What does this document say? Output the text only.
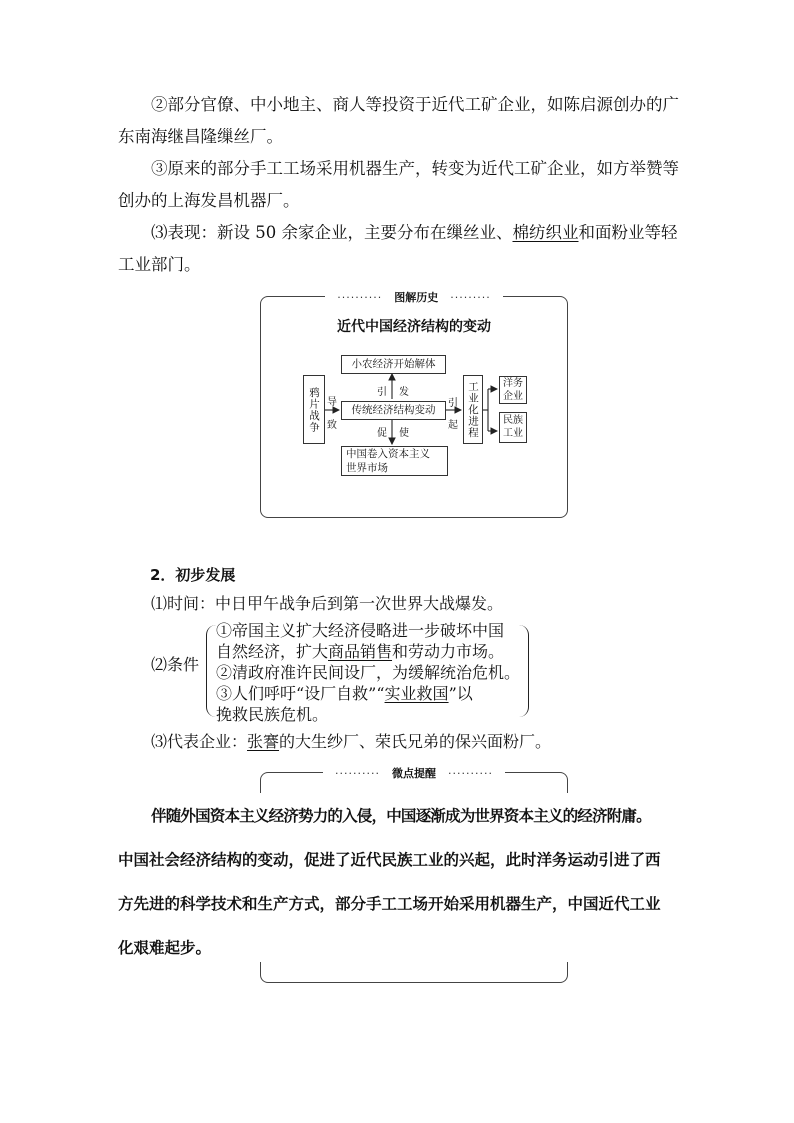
②部分官僚、中小地主、商人等投资于近代工矿企业，如陈启源创办的广
东南海继昌隆缫丝厂。
③原来的部分手工工场采用机器生产，转变为近代工矿企业，如方举赞等
创办的上海发昌机器厂。
⑶表现：新设 50 余家企业，主要分布在缫丝业、棉纺织业和面粉业等轻
工业部门。
·········· 图解历史 ·········
近代中国经济结构的变动
鸦片战争 导
致
小农经济开始解体
传统经济结构变动
中国卷入资本主义
世界市场
引 发
促 使
引
起 工业化进程	洋务企业
民族工业
2．初步发展
⑴时间：中日甲午战争后到第一次世界大战爆发。
⑵条件
①帝国主义扩大经济侵略进一步破坏中国
自然经济，扩大商品销售和劳动力市场。
②清政府准许民间设厂，为缓解统治危机。
③人们呼吁“设厂自救”“实业救国”以
挽救民族危机。
⑶代表企业：张謇的大生纱厂、荣氏兄弟的保兴面粉厂。
·········· 微点提醒 ··········
伴随外国资本主义经济势力的入侵，中国逐渐成为世界资本主义的经济附庸。
中国社会经济结构的变动，促进了近代民族工业的兴起，此时洋务运动引进了西
方先进的科学技术和生产方式，部分手工工场开始采用机器生产，中国近代工业
化艰难起步。
